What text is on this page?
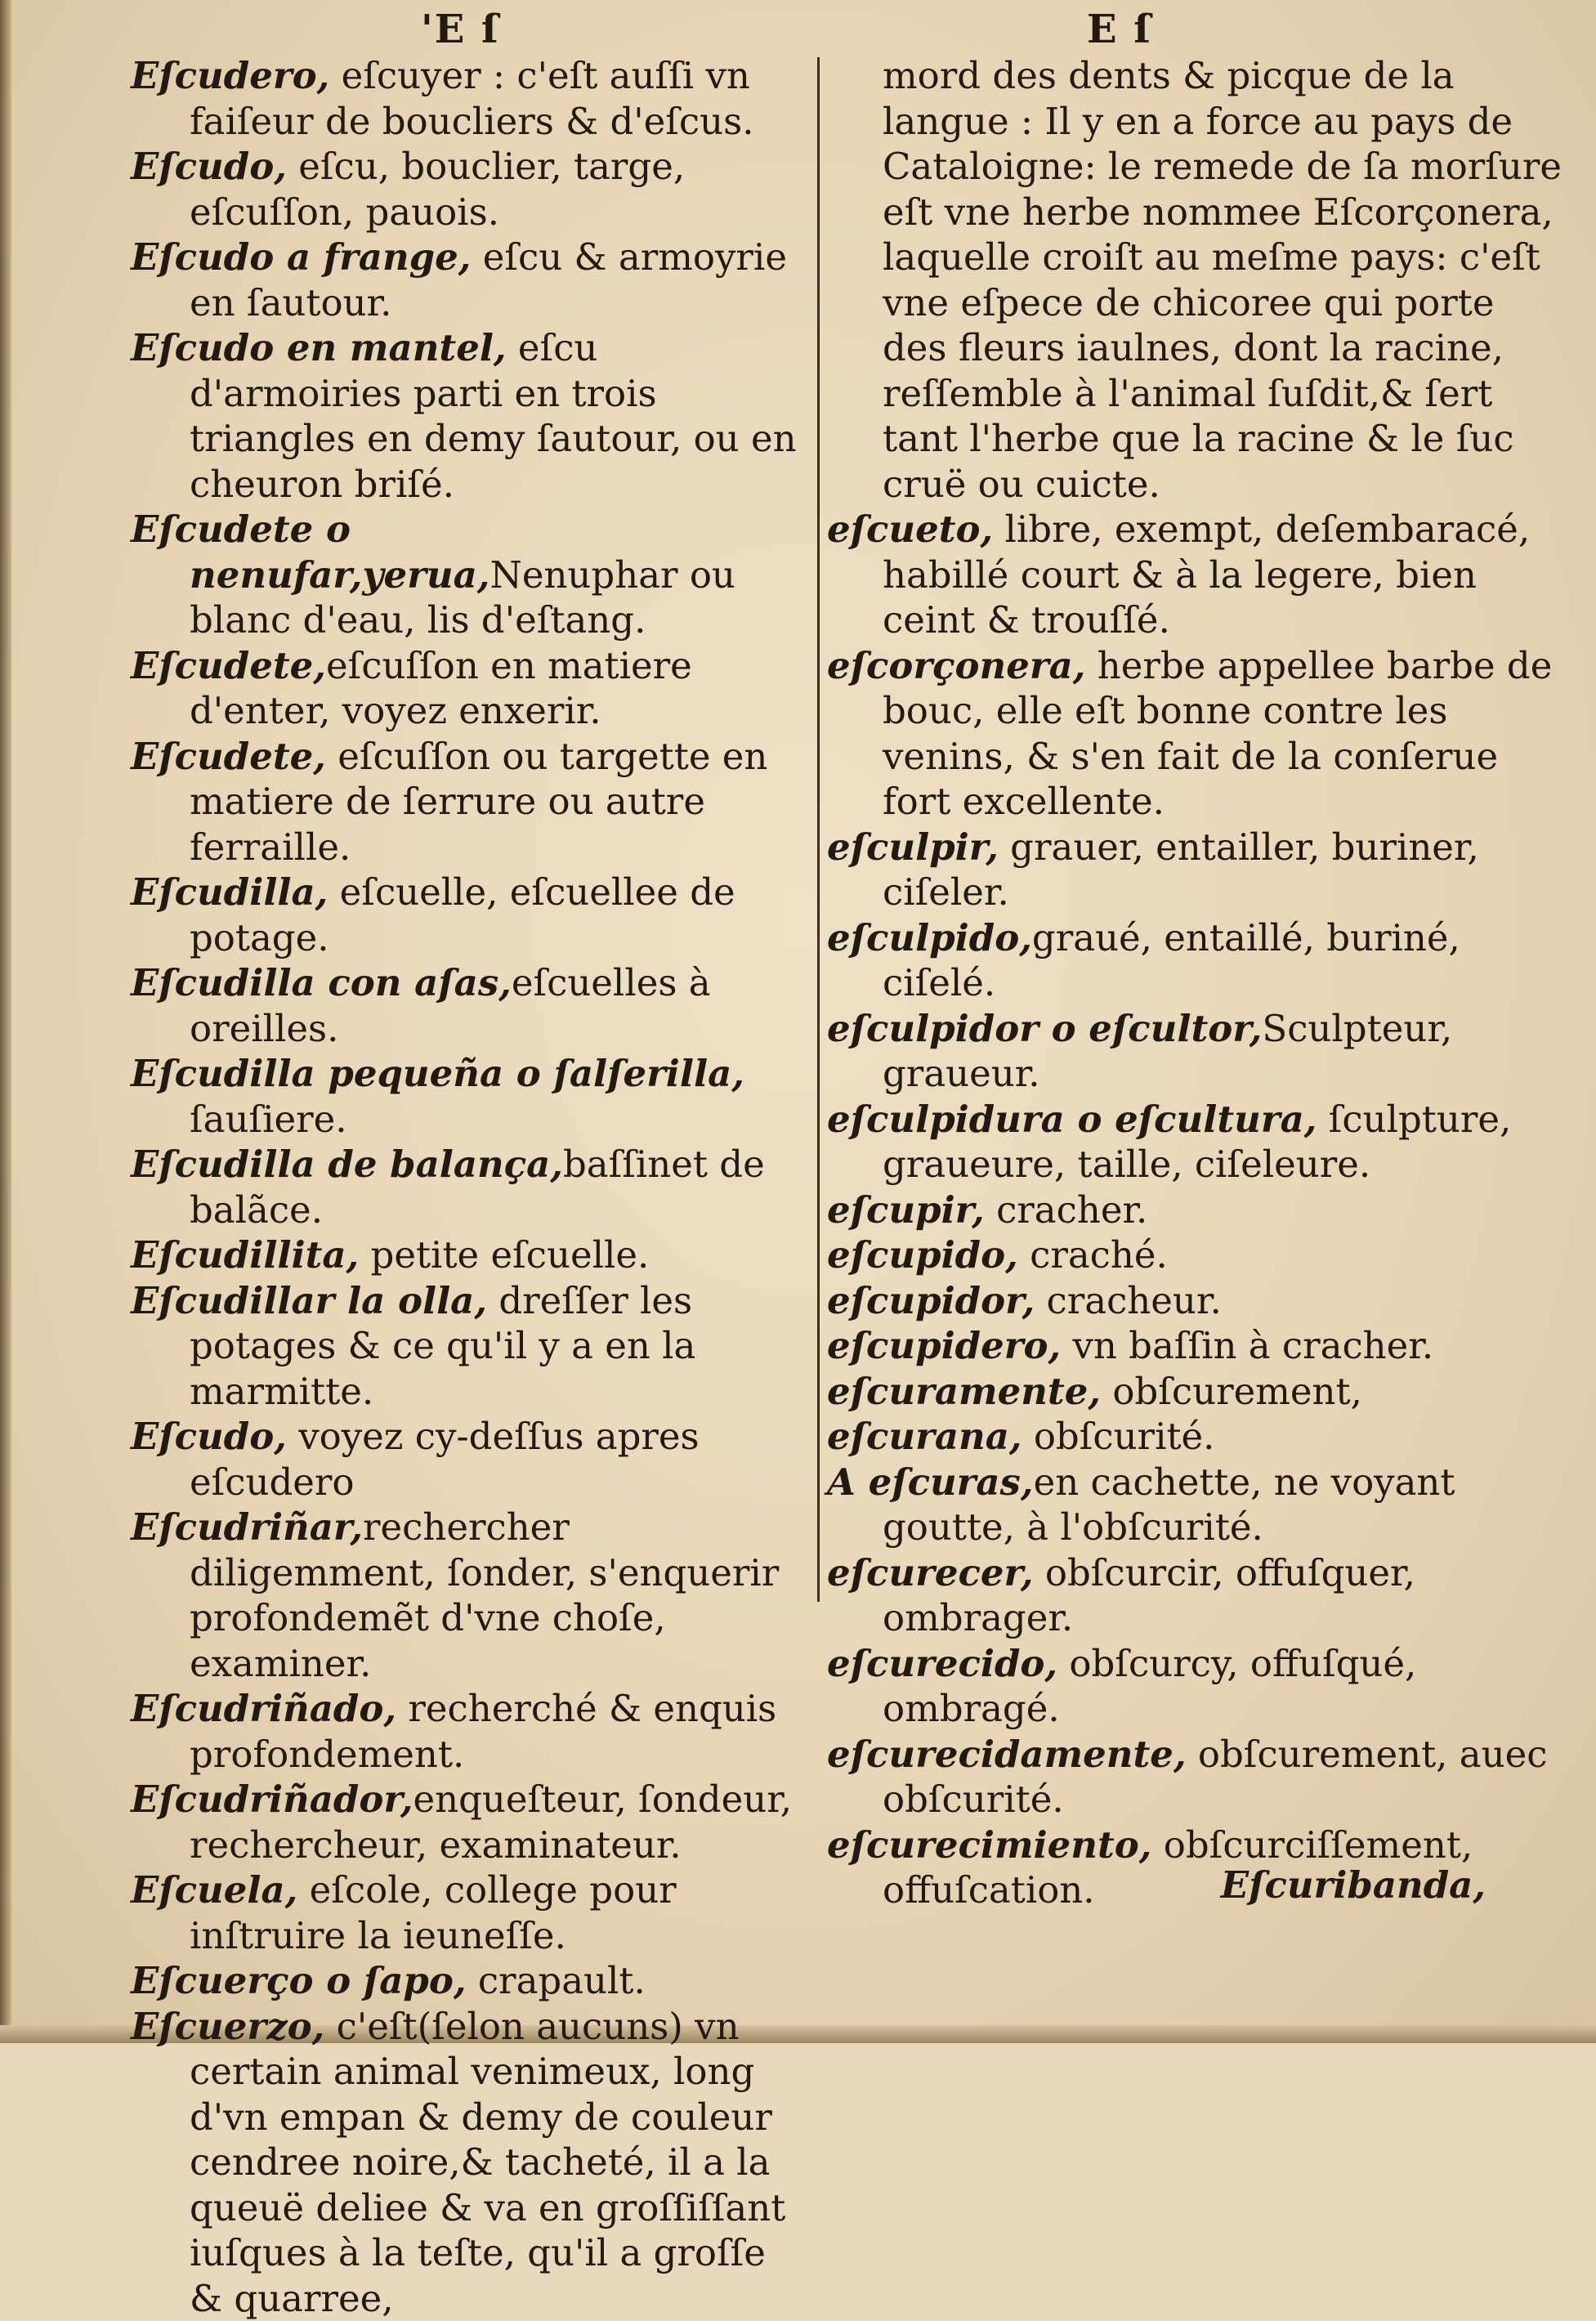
'E ſ	E ſ

Eſcudero, eſcuyer : c'eſt auſſi vn faiſeur de boucliers & d'eſcus.

Eſcudo, eſcu, bouclier, targe, eſcuſſon, pauois.

Eſcudo a frange, eſcu & armoyrie en ſautour.

Eſcudo en mantel, eſcu d'armoiries parti en trois triangles en demy ſautour, ou en cheuron briſé.

Eſcudete o nenufar,yerua,Nenuphar ou blanc d'eau, lis d'eſtang.

Eſcudete,eſcuſſon en matiere d'enter, voyez enxerir.

Eſcudete, eſcuſſon ou targette en matiere de ſerrure ou autre ferraille.

Eſcudilla, eſcuelle, eſcuellee de potage.

Eſcudilla con aſas,eſcuelles à oreilles.

Eſcudilla pequeña o ſalſerilla, ſauſiere.

Eſcudilla de balança,baſſinet de balãce.

Eſcudillita, petite eſcuelle.

Eſcudillar la olla, dreſſer les potages & ce qu'il y a en la marmitte.

Eſcudo, voyez cy-deſſus apres eſcudero

Eſcudriñar,rechercher diligemment, ſonder, s'enquerir profondemẽt d'vne choſe, examiner.

Eſcudriñado, recherché & enquis profondement.

Eſcudriñador,enqueſteur, ſondeur, rechercheur, examinateur.

Eſcuela, eſcole, college pour inſtruire la ieuneſſe.

Eſcuerço o ſapo, crapault.

Eſcuerzo, c'eſt(ſelon aucuns) vn certain animal venimeux, long d'vn empan & demy de couleur cendree noire,& tacheté, il a la queuë deliee & va en groſſiſſant iuſques à la teſte, qu'il a groſſe & quarree,

mord des dents & picque de la langue : Il y en a force au pays de Cataloigne: le remede de ſa morſure eſt vne herbe nommee Eſcorçonera, laquelle croiſt au meſme pays: c'eſt vne eſpece de chicoree qui porte des fleurs iaulnes, dont la racine, reſſemble à l'animal ſuſdit,& ſert tant l'herbe que la racine & le ſuc cruë ou cuicte.

eſcueto, libre, exempt, deſembaracé, habillé court & à la legere, bien ceint & trouſſé.

eſcorçonera, herbe appellee barbe de bouc, elle eſt bonne contre les venins, & s'en fait de la conſerue fort excellente.

eſculpir, grauer, entailler, buriner, ciſeler.

eſculpido,graué, entaillé, buriné, ciſelé.

eſculpidor o eſcultor,Sculpteur, graueur.

eſculpidura o eſcultura, ſculpture, graueure, taille, ciſeleure.

eſcupir, cracher.

eſcupido, craché.

eſcupidor, cracheur.

eſcupidero, vn baſſin à cracher.

eſcuramente, obſcurement,

eſcurana, obſcurité.

A eſcuras,en cachette, ne voyant goutte, à l'obſcurité.

eſcurecer, obſcurcir, offuſquer, ombrager.

eſcurecido, obſcurcy, offuſqué, ombragé.

eſcurecidamente, obſcurement, auec obſcurité.

eſcurecimiento, obſcurciſſement, offuſcation.	Eſcuribanda,
